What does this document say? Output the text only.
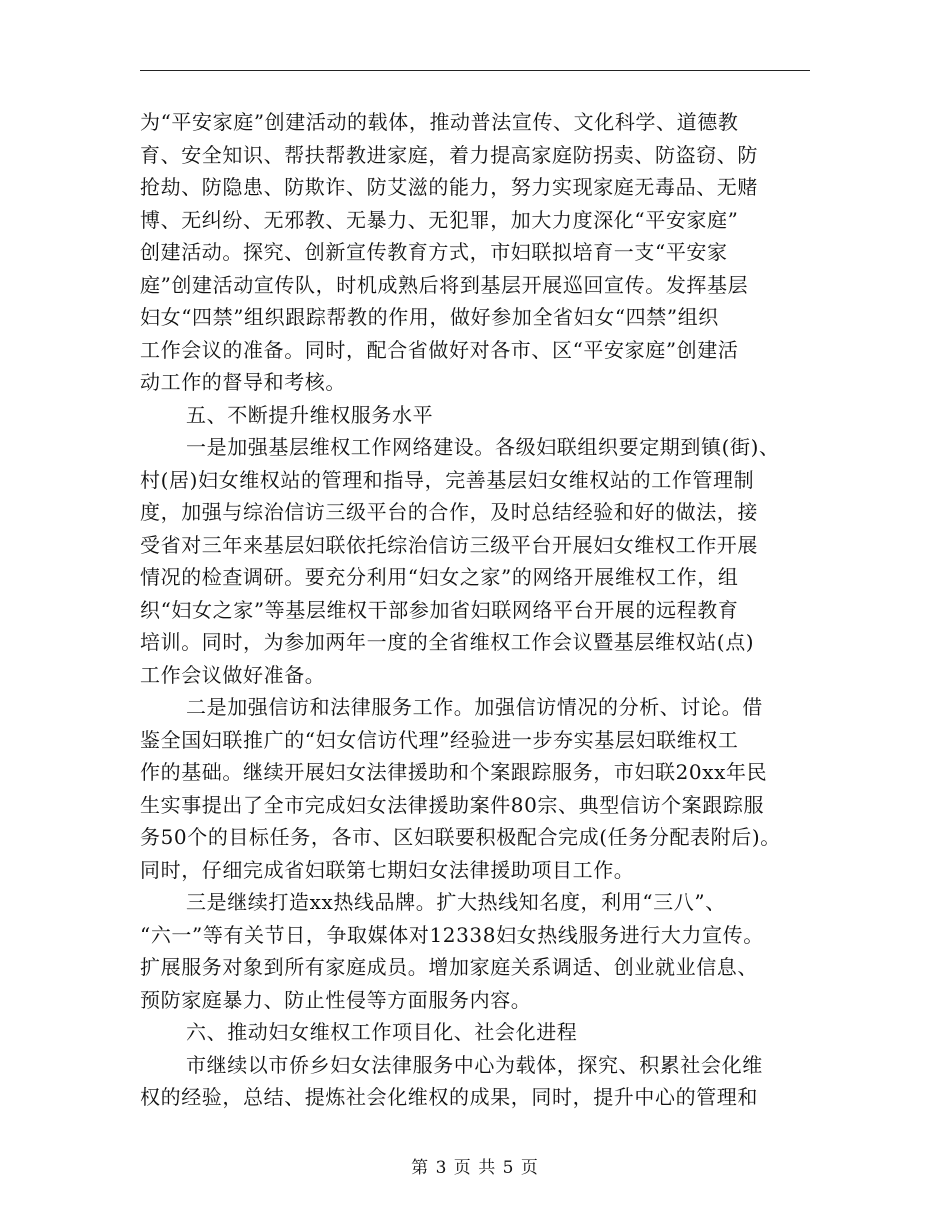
为“平安家庭”创建活动的载体，推动普法宣传、文化科学、道德教
育、安全知识、帮扶帮教进家庭，着力提高家庭防拐卖、防盗窃、防
抢劫、防隐患、防欺诈、防艾滋的能力，努力实现家庭无毒品、无赌
博、无纠纷、无邪教、无暴力、无犯罪，加大力度深化“平安家庭”
创建活动。探究、创新宣传教育方式，市妇联拟培育一支“平安家
庭”创建活动宣传队，时机成熟后将到基层开展巡回宣传。发挥基层
妇女“四禁”组织跟踪帮教的作用，做好参加全省妇女“四禁”组织
工作会议的准备。同时，配合省做好对各市、区“平安家庭”创建活
动工作的督导和考核。
五、不断提升维权服务水平
一是加强基层维权工作网络建设。各级妇联组织要定期到镇(街)、
村(居)妇女维权站的管理和指导，完善基层妇女维权站的工作管理制
度，加强与综治信访三级平台的合作，及时总结经验和好的做法，接
受省对三年来基层妇联依托综治信访三级平台开展妇女维权工作开展
情况的检查调研。要充分利用“妇女之家”的网络开展维权工作，组
织“妇女之家”等基层维权干部参加省妇联网络平台开展的远程教育
培训。同时，为参加两年一度的全省维权工作会议暨基层维权站(点)
工作会议做好准备。
二是加强信访和法律服务工作。加强信访情况的分析、讨论。借
鉴全国妇联推广的“妇女信访代理”经验进一步夯实基层妇联维权工
作的基础。继续开展妇女法律援助和个案跟踪服务，市妇联20xx年民
生实事提出了全市完成妇女法律援助案件80宗、典型信访个案跟踪服
务50个的目标任务，各市、区妇联要积极配合完成(任务分配表附后)。
同时，仔细完成省妇联第七期妇女法律援助项目工作。
三是继续打造xx热线品牌。扩大热线知名度，利用“三八”、
“六一”等有关节日，争取媒体对12338妇女热线服务进行大力宣传。
扩展服务对象到所有家庭成员。增加家庭关系调适、创业就业信息、
预防家庭暴力、防止性侵等方面服务内容。
六、推动妇女维权工作项目化、社会化进程
市继续以市侨乡妇女法律服务中心为载体，探究、积累社会化维
权的经验，总结、提炼社会化维权的成果，同时，提升中心的管理和
第 3 页 共 5 页
